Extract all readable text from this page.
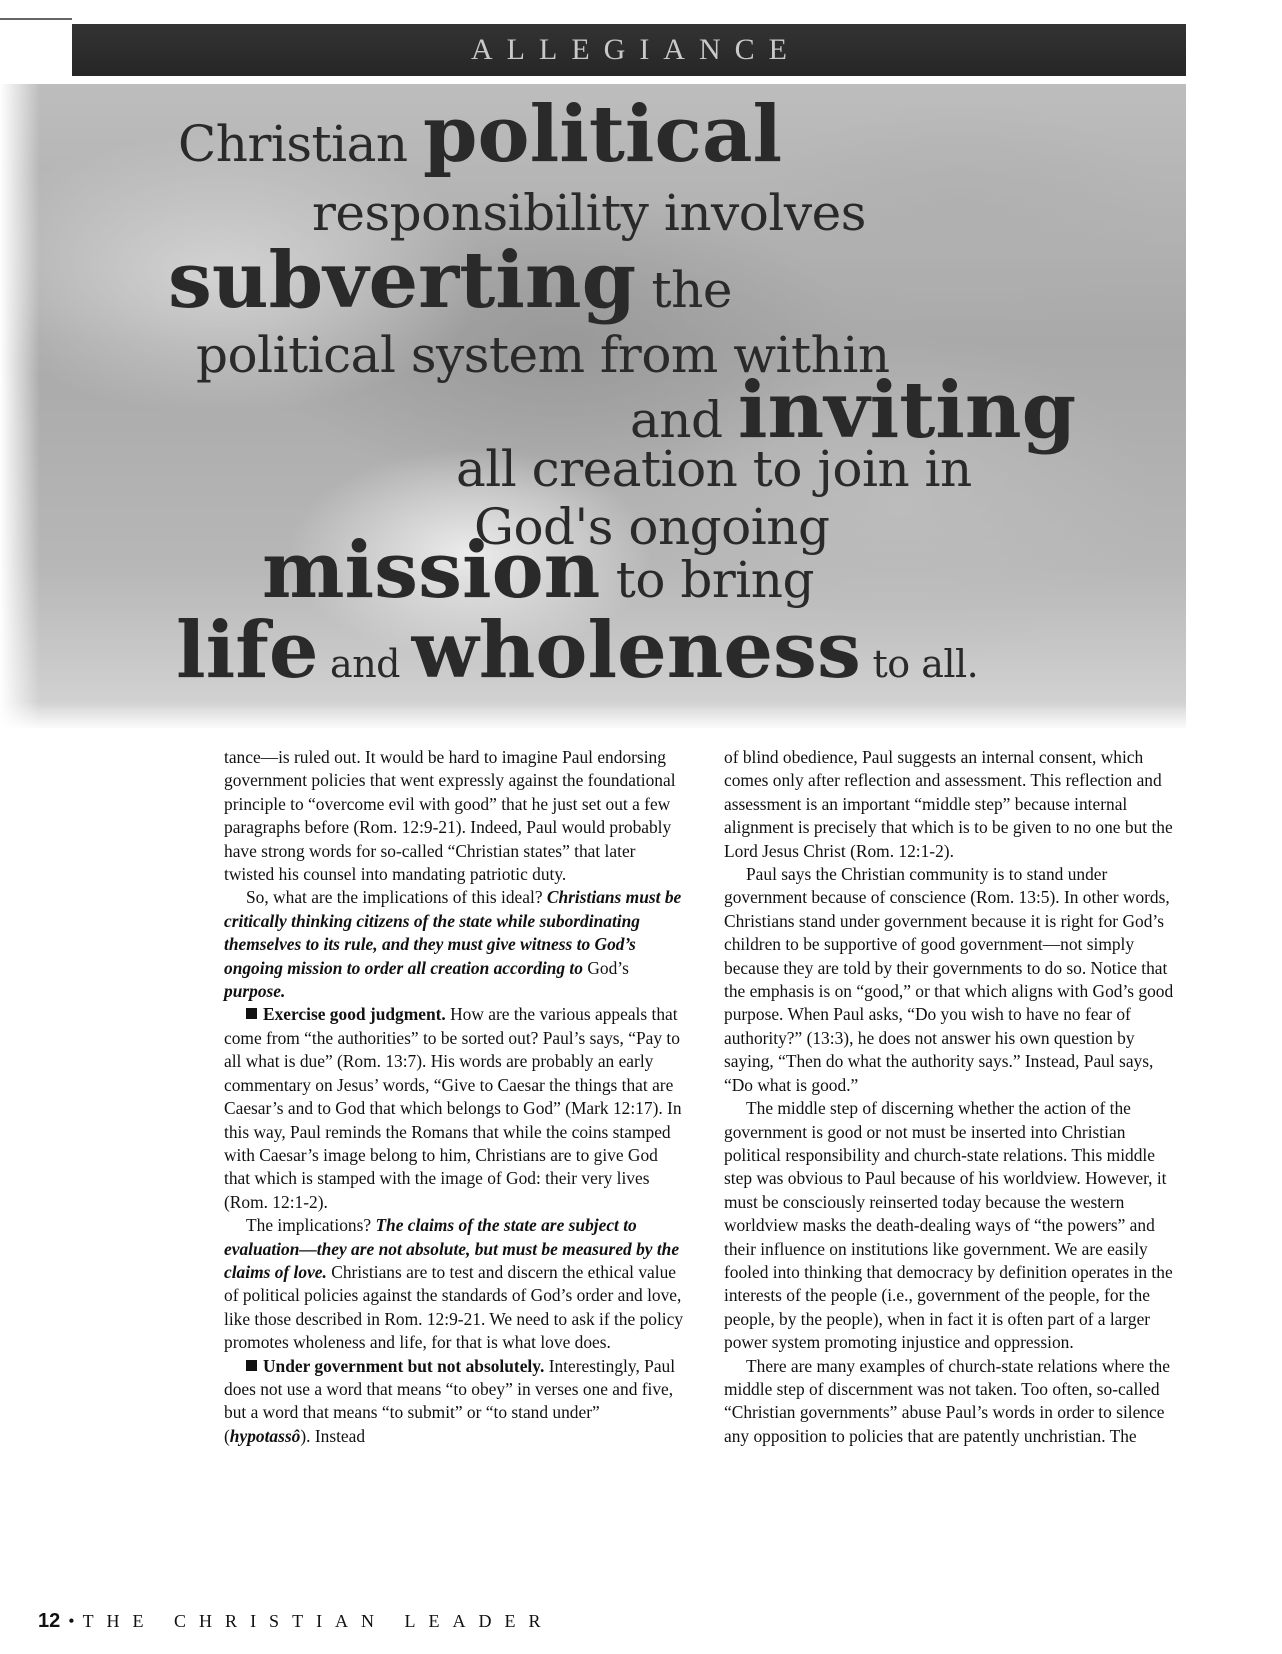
ALLEGIANCE
Christian political
responsibility involves
subverting the
political system from within
and inviting
all creation to join in
God's ongoing
mission to bring
life and wholeness to all.

tance—is ruled out. It would be hard to imagine Paul endorsing government policies that went expressly against the foundational principle to “overcome evil with good” that he just set out a few paragraphs before (Rom. 12:9-21). Indeed, Paul would probably have strong words for so-called “Christian states” that later twisted his counsel into mandating patriotic duty.

So, what are the implications of this ideal? Christians must be critically thinking citizens of the state while subordinating themselves to its rule, and they must give witness to God’s ongoing mission to order all creation according to God’s purpose.

Exercise good judgment. How are the various appeals that come from “the authorities” to be sorted out? Paul’s says, “Pay to all what is due” (Rom. 13:7). His words are probably an early commentary on Jesus’ words, “Give to Caesar the things that are Caesar’s and to God that which belongs to God” (Mark 12:17). In this way, Paul reminds the Romans that while the coins stamped with Caesar’s image belong to him, Christians are to give God that which is stamped with the image of God: their very lives (Rom. 12:1-2).

The implications? The claims of the state are subject to evaluation—they are not absolute, but must be measured by the claims of love. Christians are to test and discern the ethical value of political policies against the standards of God’s order and love, like those described in Rom. 12:9-21. We need to ask if the policy promotes wholeness and life, for that is what love does.

Under government but not absolutely. Interestingly, Paul does not use a word that means “to obey” in verses one and five, but a word that means “to submit” or “to stand under” (hypotassô). Instead

of blind obedience, Paul suggests an internal consent, which comes only after reflection and assessment. This reflection and assessment is an important “middle step” because internal alignment is precisely that which is to be given to no one but the Lord Jesus Christ (Rom. 12:1-2).

Paul says the Christian community is to stand under government because of conscience (Rom. 13:5). In other words, Christians stand under government because it is right for God’s children to be supportive of good government—not simply because they are told by their governments to do so. Notice that the emphasis is on “good,” or that which aligns with God’s good purpose. When Paul asks, “Do you wish to have no fear of authority?” (13:3), he does not answer his own question by saying, “Then do what the authority says.” Instead, Paul says, “Do what is good.”

The middle step of discerning whether the action of the government is good or not must be inserted into Christian political responsibility and church-state relations. This middle step was obvious to Paul because of his worldview. However, it must be consciously reinserted today because the western worldview masks the death-dealing ways of “the powers” and their influence on institutions like government. We are easily fooled into thinking that democracy by definition operates in the interests of the people (i.e., government of the people, for the people, by the people), when in fact it is often part of a larger power system promoting injustice and oppression.

There are many examples of church-state relations where the middle step of discernment was not taken. Too often, so-called “Christian governments” abuse Paul’s words in order to silence any opposition to policies that are patently unchristian. The

12 • THE CHRISTIAN LEADER
